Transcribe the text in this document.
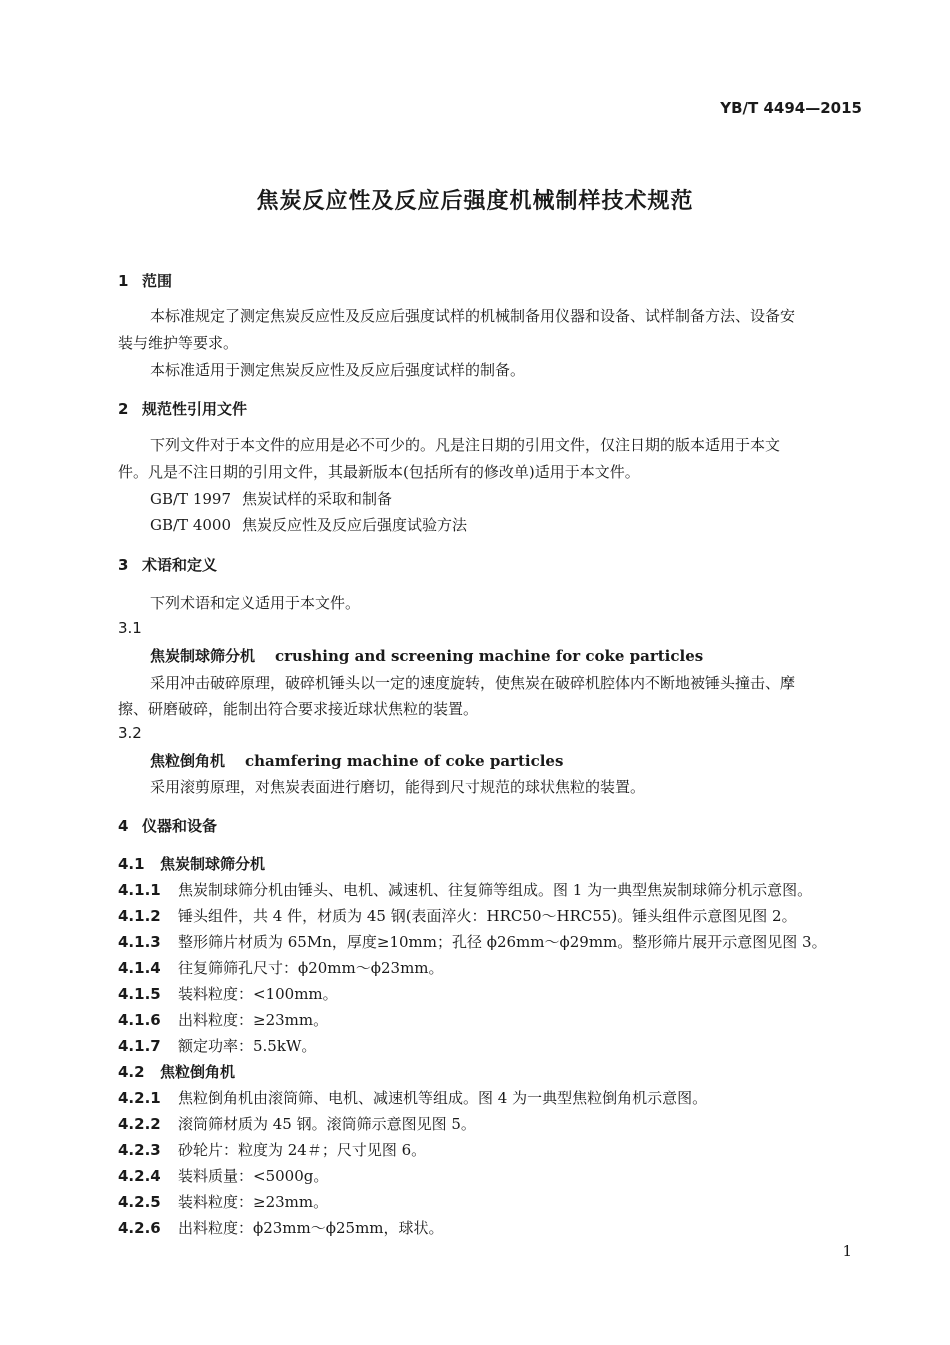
YB/T 4494—2015
焦炭反应性及反应后强度机械制样技术规范
1 范围
本标准规定了测定焦炭反应性及反应后强度试样的机械制备用仪器和设备、试样制备方法、设备安
装与维护等要求。
本标准适用于测定焦炭反应性及反应后强度试样的制备。
2 规范性引用文件
下列文件对于本文件的应用是必不可少的。凡是注日期的引用文件，仅注日期的版本适用于本文
件。凡是不注日期的引用文件，其最新版本(包括所有的修改单)适用于本文件。
GB/T 1997 焦炭试样的采取和制备
GB/T 4000 焦炭反应性及反应后强度试验方法
3 术语和定义
下列术语和定义适用于本文件。
3.1
焦炭制球筛分机 crushing and screening machine for coke particles
采用冲击破碎原理，破碎机锤头以一定的速度旋转，使焦炭在破碎机腔体内不断地被锤头撞击、摩
擦、研磨破碎，能制出符合要求接近球状焦粒的装置。
3.2
焦粒倒角机 chamfering machine of coke particles
采用滚剪原理，对焦炭表面进行磨切，能得到尺寸规范的球状焦粒的装置。
4 仪器和设备
4.1 焦炭制球筛分机
4.1.1 焦炭制球筛分机由锤头、电机、减速机、往复筛等组成。图 1 为一典型焦炭制球筛分机示意图。
4.1.2 锤头组件，共 4 件，材质为 45 钢(表面淬火：HRC50～HRC55)。锤头组件示意图见图 2。
4.1.3 整形筛片材质为 65Mn，厚度≥10mm；孔径 ϕ26mm～ϕ29mm。整形筛片展开示意图见图 3。
4.1.4 往复筛筛孔尺寸：ϕ20mm～ϕ23mm。
4.1.5 装料粒度：<100mm。
4.1.6 出料粒度：≥23mm。
4.1.7 额定功率：5.5kW。
4.2 焦粒倒角机
4.2.1 焦粒倒角机由滚筒筛、电机、减速机等组成。图 4 为一典型焦粒倒角机示意图。
4.2.2 滚筒筛材质为 45 钢。滚筒筛示意图见图 5。
4.2.3 砂轮片：粒度为 24＃；尺寸见图 6。
4.2.4 装料质量：<5000g。
4.2.5 装料粒度：≥23mm。
4.2.6 出料粒度：ϕ23mm～ϕ25mm，球状。
1
